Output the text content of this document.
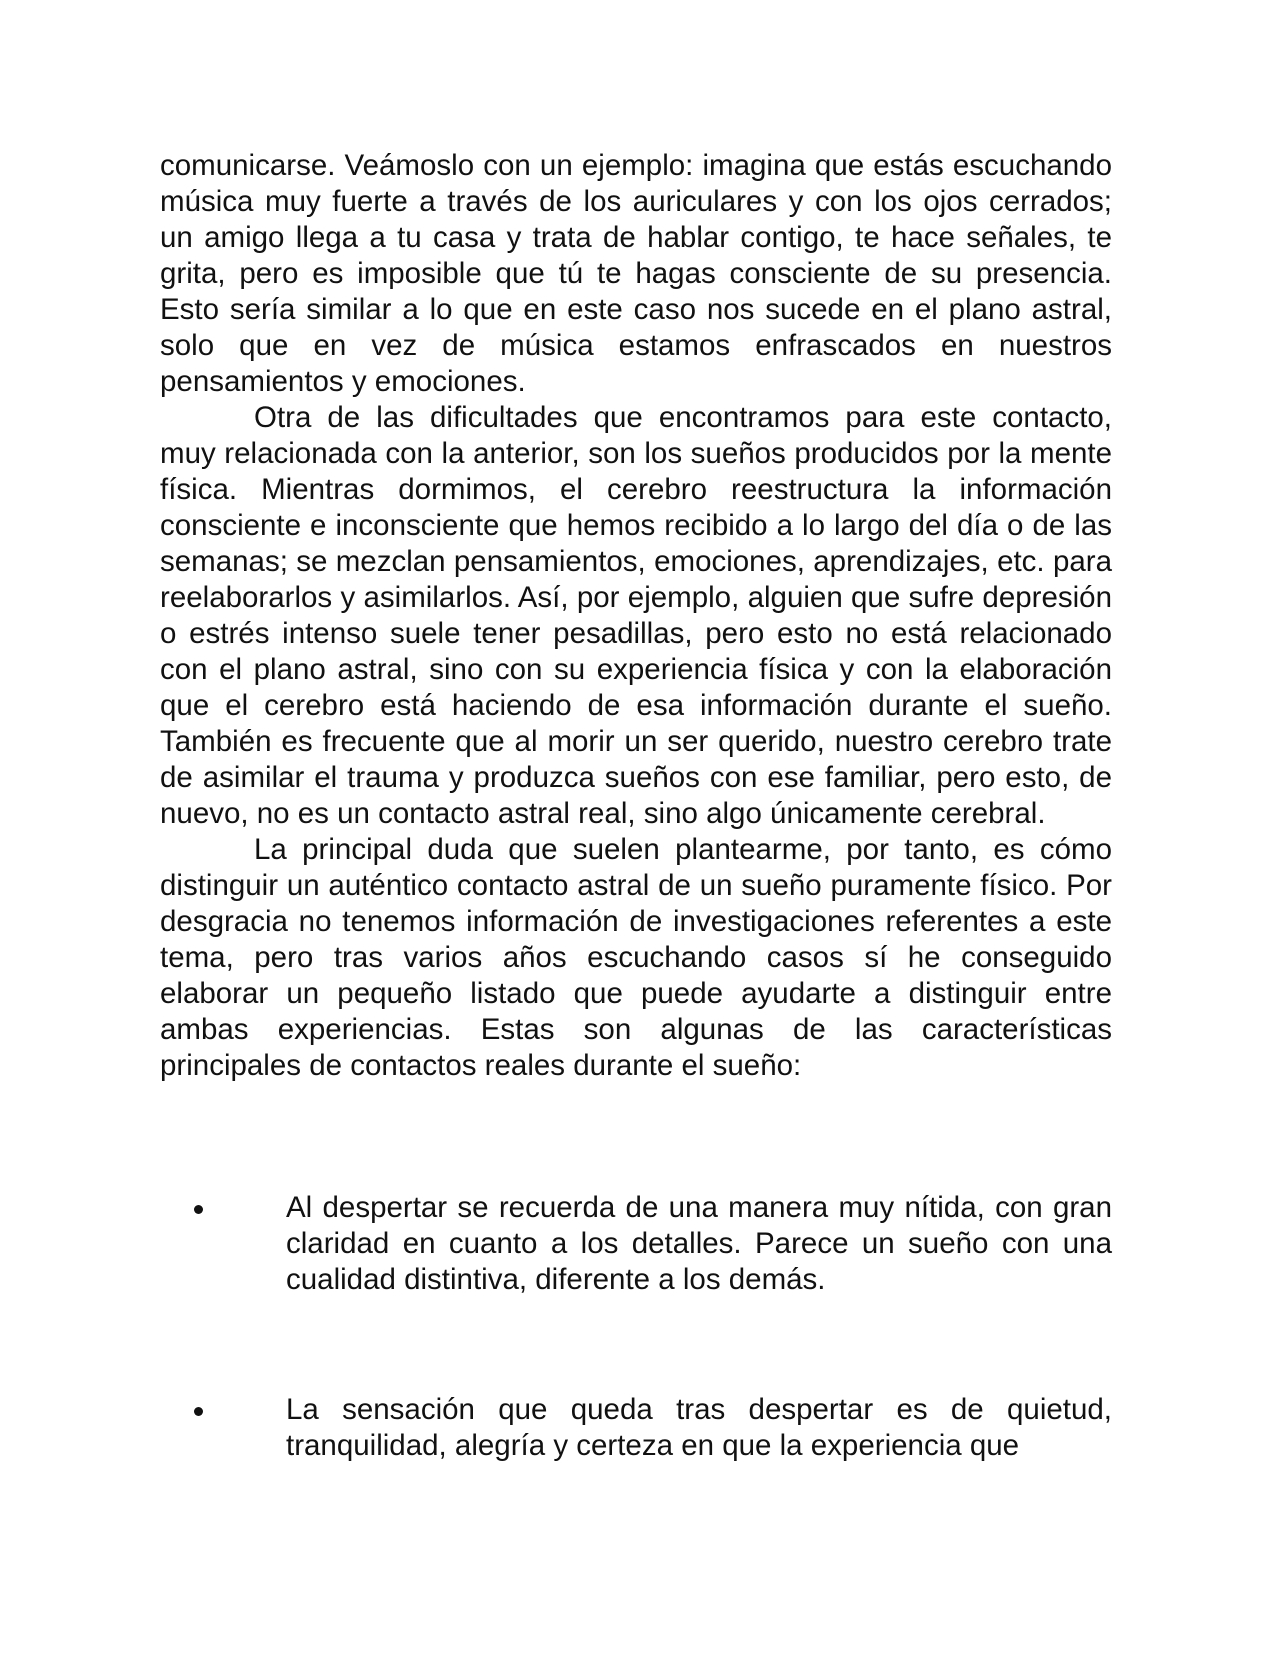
comunicarse. Veámoslo con un ejemplo: imagina que estás escuchando música muy fuerte a través de los auriculares y con los ojos cerrados; un amigo llega a tu casa y trata de hablar contigo, te hace señales, te grita, pero es imposible que tú te hagas consciente de su presencia. Esto sería similar a lo que en este caso nos sucede en el plano astral, solo que en vez de música estamos enfrascados en nuestros pensamientos y emociones.

Otra de las dificultades que encontramos para este contacto, muy relacionada con la anterior, son los sueños producidos por la mente física. Mientras dormimos, el cerebro reestructura la información consciente e inconsciente que hemos recibido a lo largo del día o de las semanas; se mezclan pensamientos, emociones, aprendizajes, etc. para reelaborarlos y asimilarlos. Así, por ejemplo, alguien que sufre depresión o estrés intenso suele tener pesadillas, pero esto no está relacionado con el plano astral, sino con su experiencia física y con la elaboración que el cerebro está haciendo de esa información durante el sueño. También es frecuente que al morir un ser querido, nuestro cerebro trate de asimilar el trauma y produzca sueños con ese familiar, pero esto, de nuevo, no es un contacto astral real, sino algo únicamente cerebral.

La principal duda que suelen plantearme, por tanto, es cómo distinguir un auténtico contacto astral de un sueño puramente físico. Por desgracia no tenemos información de investigaciones referentes a este tema, pero tras varios años escuchando casos sí he conseguido elaborar un pequeño listado que puede ayudarte a distinguir entre ambas experiencias. Estas son algunas de las características principales de contactos reales durante el sueño:

Al despertar se recuerda de una manera muy nítida, con gran claridad en cuanto a los detalles. Parece un sueño con una cualidad distintiva, diferente a los demás.
La sensación que queda tras despertar es de quietud, tranquilidad, alegría y certeza en que la experiencia que
